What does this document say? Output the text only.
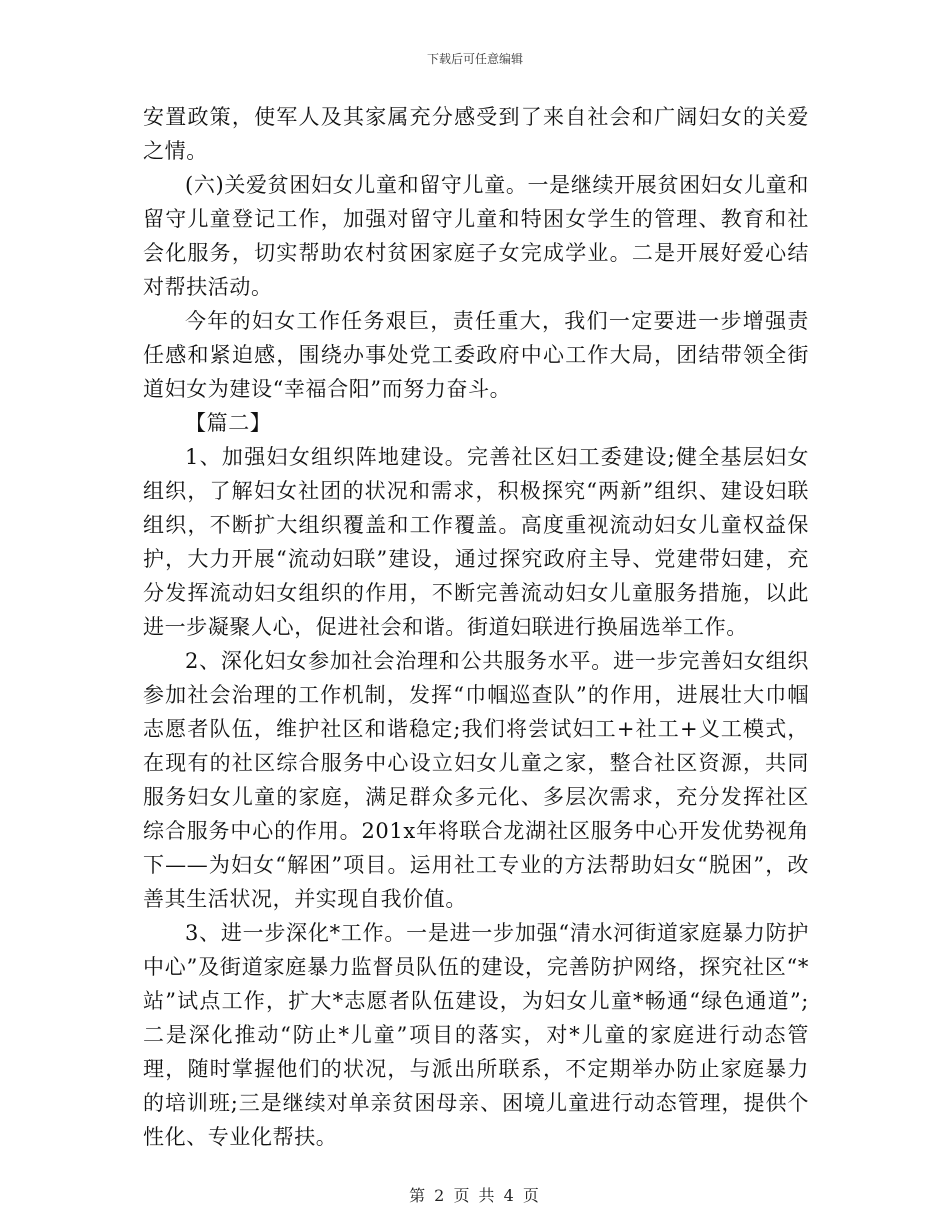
下载后可任意编辑

安置政策，使军人及其家属充分感受到了来自社会和广阔妇女的关爱之情。

(六)关爱贫困妇女儿童和留守儿童。一是继续开展贫困妇女儿童和留守儿童登记工作，加强对留守儿童和特困女学生的管理、教育和社会化服务，切实帮助农村贫困家庭子女完成学业。二是开展好爱心结对帮扶活动。

今年的妇女工作任务艰巨，责任重大，我们一定要进一步增强责任感和紧迫感，围绕办事处党工委政府中心工作大局，团结带领全街道妇女为建设“幸福合阳”而努力奋斗。

【篇二】

1、加强妇女组织阵地建设。完善社区妇工委建设;健全基层妇女组织，了解妇女社团的状况和需求，积极探究“两新”组织、建设妇联组织，不断扩大组织覆盖和工作覆盖。高度重视流动妇女儿童权益保护，大力开展“流动妇联”建设，通过探究政府主导、党建带妇建，充分发挥流动妇女组织的作用，不断完善流动妇女儿童服务措施，以此进一步凝聚人心，促进社会和谐。街道妇联进行换届选举工作。

2、深化妇女参加社会治理和公共服务水平。进一步完善妇女组织参加社会治理的工作机制，发挥“巾帼巡查队”的作用，进展壮大巾帼志愿者队伍，维护社区和谐稳定;我们将尝试妇工+社工+义工模式，在现有的社区综合服务中心设立妇女儿童之家，整合社区资源，共同服务妇女儿童的家庭，满足群众多元化、多层次需求，充分发挥社区综合服务中心的作用。201x年将联合龙湖社区服务中心开发优势视角下——为妇女“解困”项目。运用社工专业的方法帮助妇女“脱困”，改善其生活状况，并实现自我价值。

3、进一步深化*工作。一是进一步加强“清水河街道家庭暴力防护中心”及街道家庭暴力监督员队伍的建设，完善防护网络，探究社区“*站”试点工作，扩大*志愿者队伍建设，为妇女儿童*畅通“绿色通道”;二是深化推动“防止*儿童”项目的落实，对*儿童的家庭进行动态管理，随时掌握他们的状况，与派出所联系，不定期举办防止家庭暴力的培训班;三是继续对单亲贫困母亲、困境儿童进行动态管理，提供个性化、专业化帮扶。

第 2 页 共 4 页
